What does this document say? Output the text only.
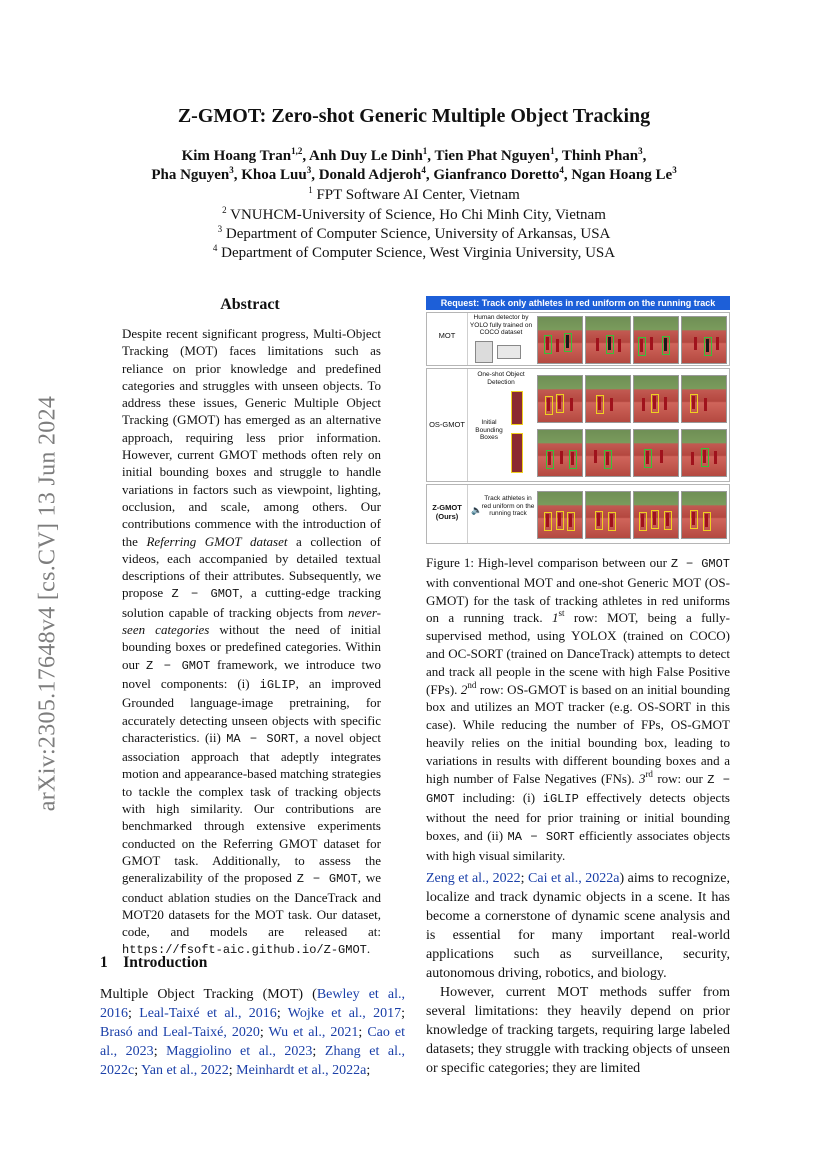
arXiv:2305.17648v4 [cs.CV] 13 Jun 2024
Z-GMOT: Zero-shot Generic Multiple Object Tracking
Kim Hoang Tran$^{1,2}$, Anh Duy Le Dinh$^1$, Tien Phat Nguyen$^1$, Thinh Phan$^3$,
Pha Nguyen$^3$, Khoa Luu$^3$, Donald Adjeroh$^4$, Gianfranco Doretto$^4$, Ngan Hoang Le$^3$
$^1$ FPT Software AI Center, Vietnam
$^2$ VNUHCM-University of Science, Ho Chi Minh City, Vietnam
$^3$ Department of Computer Science, University of Arkansas, USA
$^4$ Department of Computer Science, West Virginia University, USA
Abstract
Despite recent significant progress, Multi-Object Tracking (MOT) faces limitations such as reliance on prior knowledge and predefined categories and struggles with unseen objects. To address these issues, Generic Multiple Object Tracking (GMOT) has emerged as an alternative approach, requiring less prior information. However, current GMOT methods often rely on initial bounding boxes and struggle to handle variations in factors such as viewpoint, lighting, occlusion, and scale, among others. Our contributions commence with the introduction of the Referring GMOT dataset a collection of videos, each accompanied by detailed textual descriptions of their attributes. Subsequently, we propose Z − GMOT, a cutting-edge tracking solution capable of tracking objects from never-seen categories without the need of initial bounding boxes or predefined categories. Within our Z − GMOT framework, we introduce two novel components: (i) iGLIP, an improved Grounded language-image pretraining, for accurately detecting unseen objects with specific characteristics. (ii) MA − SORT, a novel object association approach that adeptly integrates motion and appearance-based matching strategies to tackle the complex task of tracking objects with high similarity. Our contributions are benchmarked through extensive experiments conducted on the Referring GMOT dataset for GMOT task. Additionally, to assess the generalizability of the proposed Z − GMOT, we conduct ablation studies on the DanceTrack and MOT20 datasets for the MOT task. Our dataset, code, and models are released at: https://fsoft-aic.github.io/Z-GMOT.
1 Introduction
Multiple Object Tracking (MOT) (Bewley et al., 2016; Leal-Taixé et al., 2016; Wojke et al., 2017; Brasó and Leal-Taixé, 2020; Wu et al., 2021; Cao et al., 2023; Maggiolino et al., 2023; Zhang et al., 2022c; Yan et al., 2022; Meinhardt et al., 2022a;
Request: Track only athletes in red uniform on the running track
MOT
Human detector by YOLO fully trained on COCO dataset
OS-GMOT
One-shot Object Detection
Initial Bounding Boxes
Z-GMOT
(Ours)
🔈
Track athletes in red uniform on the running track
Figure 1: High-level comparison between our Z − GMOT with conventional MOT and one-shot Generic MOT (OS-GMOT) for the task of tracking athletes in red uniforms on a running track. 1st row: MOT, being a fully-supervised method, using YOLOX (trained on COCO) and OC-SORT (trained on DanceTrack) attempts to detect and track all people in the scene with high False Positive (FPs). 2nd row: OS-GMOT is based on an initial bounding box and utilizes an MOT tracker (e.g. OS-SORT in this case). While reducing the number of FPs, OS-GMOT heavily relies on the initial bounding box, leading to variations in results with different bounding boxes and a high number of False Negatives (FNs). 3rd row: our Z − GMOT including: (i) iGLIP effectively detects objects without the need for prior training or initial bounding boxes, and (ii) MA − SORT efficiently associates objects with high visual similarity.
Zeng et al., 2022; Cai et al., 2022a) aims to recognize, localize and track dynamic objects in a scene. It has become a cornerstone of dynamic scene analysis and is essential for many important real-world applications such as surveillance, security, autonomous driving, robotics, and biology.
However, current MOT methods suffer from several limitations: they heavily depend on prior knowledge of tracking targets, requiring large labeled datasets; they struggle with tracking objects of unseen or specific categories; they are limited
